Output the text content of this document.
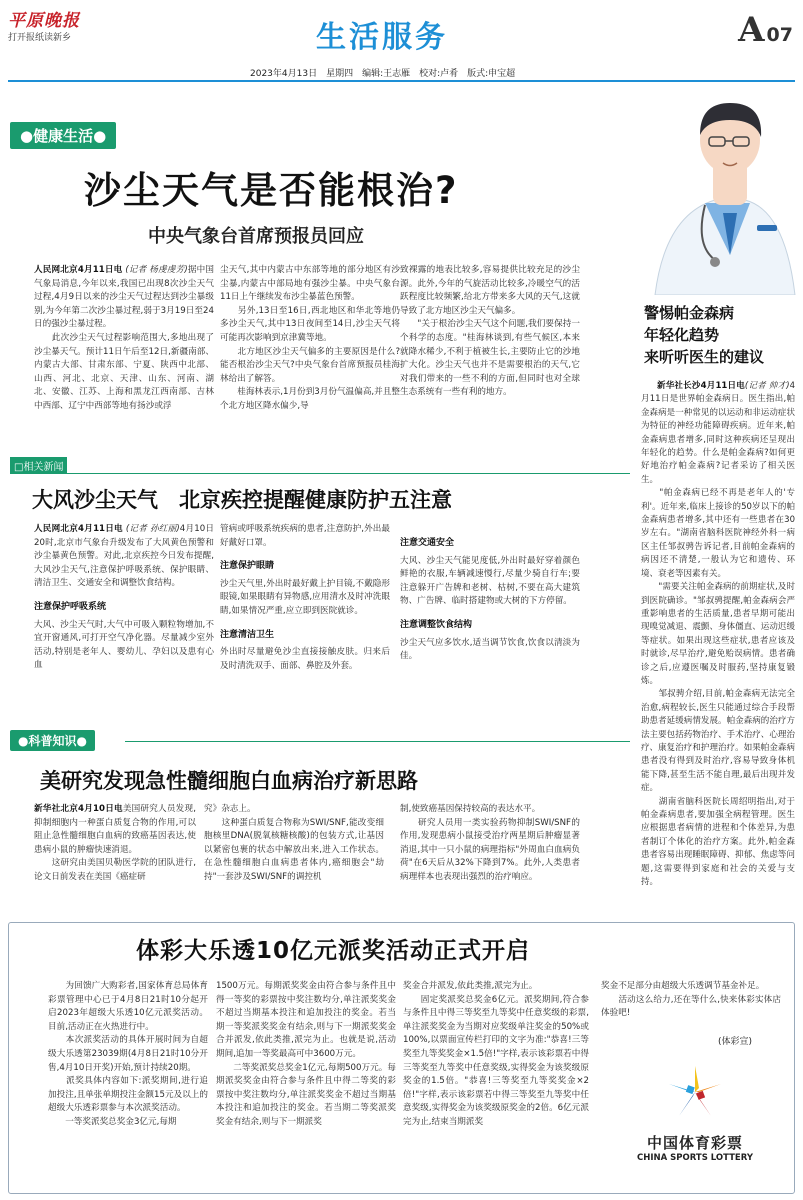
平原晚报
打开报纸读新乡	生活服务	A 07
2023年4月13日　星期四　编辑:王志雁　校对:卢肴　版式:申宝超
●健康生活●
沙尘天气是否能根治?
中央气象台首席预报员回应
人民网北京4月11日电 (记者 杨虔虔芳)据中国气象局消息,今年以来,我国已出现8次沙尘天气过程,4月9日以来的沙尘天气过程达到沙尘暴级别,为今年第二次沙尘暴过程,弱于3月19日至24日的强沙尘暴过程。
　　此次沙尘天气过程影响范围大,多地出现了沙尘暴天气。预计11日午后至12日,新疆南部、内蒙古大部、甘肃东部、宁夏、陕西中北部、山西、河北、北京、天津、山东、河南、湖北、安徽、江苏、上海和黑龙江西南部、吉林中西部、辽宁中西部等地有扬沙或浮
尘天气,其中内蒙古中东部等地的部分地区有沙尘暴,内蒙古中部局地有强沙尘暴。中央气象台11日上午继续发布沙尘暴蓝色预警。
　　另外,13日至16日,西北地区和华北等地仍多沙尘天气,其中13日夜间至14日,沙尘天气将可能再次影响到京津冀等地。
　　北方地区沙尘天气偏多的主要原因是什么?能否根治沙尘天气?中央气象台首席预报员桂海林给出了解答。
　　桂海林表示,1月份到3月份气温偏高,并且整个北方地区降水偏少,导
致裸露的地表比较多,容易提供比较充足的沙尘源。此外,今年的气旋活动比较多,冷暖空气的活跃程度比较频繁,给北方带来多大风的天气,这就导致了北方地区沙尘天气偏多。
　　"关于根治沙尘天气这个问题,我们要保持一个科学的态度。"桂海林谈到,有些气候区,本来就降水稀少,不利于植被生长,主要防止它的沙地扩大化。沙尘天气也并不是需要根治的天气,它对我们带来的一些不利的方面,但同时也对全球生态系统有一些有利的地方。
警惕帕金森病
年轻化趋势
来听听医生的建议
新华社长沙4月11日电(记者 帅才)4月11日是世界帕金森病日。医生指出,帕金森病是一种常见的以运动和非运动症状为特征的神经功能障碍疾病。近年来,帕金森病患者增多,同时这种疾病还呈现出年轻化的趋势。什么是帕金森病?如何更好地治疗帕金森病?记者采访了相关医生。
　　"帕金森病已经不再是老年人的'专利'。近年来,临床上接诊的50岁以下的帕金森病患者增多,其中还有一些患者在30岁左右。"湖南省脑科医院神经外科一病区主任邹叔骋告诉记者,目前帕金森病的病因还不清楚,一般认为它和遗传、环境、衰老等因素有关。
　　"需要关注帕金森病的前期症状,及时到医院确诊。"邹叔骋提醒,帕金森病会严重影响患者的生活质量,患者早期可能出现嗅觉减退、震颤、身体僵直、运动迟缓等症状。如果出现这些症状,患者应该及时就诊,尽早治疗,避免贻误病情。患者确诊之后,应遵医嘱及时服药,坚持康复锻炼。
　　邹叔骋介绍,目前,帕金森病无法完全治愈,病程较长,医生只能通过综合手段帮助患者延缓病情发展。帕金森病的治疗方法主要包括药物治疗、手术治疗、心理治疗、康复治疗和护理治疗。如果帕金森病患者没有得到及时治疗,容易导致身体机能下降,甚至生活不能自理,最后出现并发症。
　　湖南省脑科医院长周绍明指出,对于帕金森病患者,要加强全病程管理。医生应根据患者病情的进程和个体差异,为患者制订个体化的治疗方案。此外,帕金森患者容易出现睡眠障碍、抑郁、焦虑等问题,这需要得到家庭和社会的关爱与支持。
□相关新闻
大风沙尘天气　北京疾控提醒健康防护五注意
人民网北京4月11日电 (记者 孙红丽)4月10日20时,北京市气象台升级发布了大风黄色预警和沙尘暴黄色预警。对此,北京疾控今日发布提醒,大风沙尘天气,注意保护呼吸系统、保护眼睛、清洁卫生、交通安全和调整饮食结构。
注意保护呼吸系统
大风、沙尘天气时,大气中可吸入颗粒物增加,不宜开窗通风,可打开空气净化器。尽量减少室外活动,特别是老年人、婴幼儿、孕妇以及患有心血
管病或呼吸系统疾病的患者,注意防护,外出最好戴好口罩。
注意保护眼睛
沙尘天气里,外出时最好戴上护目镜,不戴隐形眼镜,如果眼睛有异物感,应用清水及时冲洗眼睛,如果情况严重,应立即到医院就诊。
注意清洁卫生
外出时尽量避免沙尘直接接触皮肤。归来后及时清洗双手、面部、鼻腔及外套。
注意交通安全
大风、沙尘天气能见度低,外出时最好穿着颜色鲜艳的衣服,车辆减速慢行,尽量少骑自行车;要注意躲开广告牌和老树、枯树,不要在高大建筑物、广告牌、临时搭建物或大树的下方停留。
注意调整饮食结构
沙尘天气应多饮水,适当调节饮食,饮食以清淡为佳。
●科普知识●
美研究发现急性髓细胞白血病治疗新思路
新华社北京4月10日电美国研究人员发现,抑制细胞内一种蛋白质复合物的作用,可以阻止急性髓细胞白血病的致癌基因表达,使患病小鼠的肿瘤快速消退。
　　这研究由美国贝勒医学院的团队进行,论文日前发表在美国《癌症研
究》杂志上。
　　这种蛋白质复合物称为SWI/SNF,能改变细胞核里DNA(脱氧核糖核酸)的包装方式,让基因以紧密包裹的状态中解放出来,进入工作状态。在急性髓细胞白血病患者体内,癌细胞会"劫持"一套涉及SWI/SNF的调控机
制,使致癌基因保持较高的表达水平。
　　研究人员用一类实验药物抑制SWI/SNF的作用,发现患病小鼠接受治疗两星期后肿瘤显著消退,其中一只小鼠的病理指标"外周血白血病负荷"在6天后从32%下降到7%。此外,人类患者病理样本也表现出强烈的治疗响应。
体彩大乐透10亿元派奖活动正式开启
　　为回馈广大购彩者,国家体育总局体育彩票管理中心已于4月8日21时10分起开启2023年超级大乐透10亿元派奖活动。目前,活动正在火热进行中。
　　本次派奖活动的具体开展时间为自超级大乐透第23039期(4月8日21时10分开售,4月10日开奖)开始,预计持续20期。
　　派奖具体内容如下:派奖期间,进行追加投注,且单张单期投注金额15元及以上的超级大乐透彩票参与本次派奖活动。
　　一等奖派奖总奖金3亿元,每期
1500万元。每期派奖奖金由符合参与条件且中得一等奖的彩票按中奖注数均分,单注派奖奖金不超过当期基本投注和追加投注的奖金。若当期一等奖派奖奖金有结余,则与下一期派奖奖金合并派发,依此类推,派完为止。也就是说,活动期间,追加一等奖最高可中3600万元。
　　二等奖派奖总奖金1亿元,每期500万元。每期派奖奖金由符合参与条件且中得二等奖的彩票按中奖注数均分,单注派奖奖金不超过当期基本投注和追加投注的奖金。若当期二等奖派奖奖金有结余,则与下一期派奖
奖金合并派发,依此类推,派完为止。
　　固定奖派奖总奖金6亿元。派奖期间,符合参与条件且中得三等奖至九等奖中任意奖级的彩票,单注派奖奖金为当期对应奖级单注奖金的50%或100%,以票面宣传栏打印的文字为准:"恭喜!三等奖至九等奖奖金×1.5倍!"字样,表示该彩票若中得三等奖至九等奖中任意奖级,实得奖金为该奖级原奖金的1.5倍。"恭喜!三等奖至九等奖奖金×2倍!"字样,表示该彩票若中得三等奖至九等奖中任意奖级,实得奖金为该奖级原奖金的2倍。6亿元派完为止,结束当期派奖
奖金不足部分由超级大乐透调节基金补足。
　　活动这么给力,还在等什么,快来体彩实体店体验吧!
(体彩宣)
中国体育彩票
CHINA SPORTS LOTTERY
